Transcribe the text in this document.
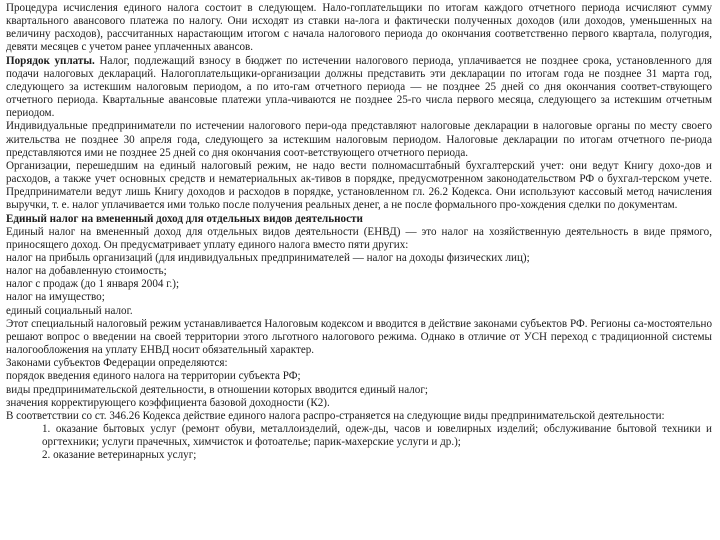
Процедура исчисления единого налога состоит в следующем. Нало-гоплательщики по итогам каждого отчетного периода исчисляют сумму квартального авансового платежа по налогу. Они исходят из ставки на-лога и фактически полученных доходов (или доходов, уменьшенных на величину расходов), рассчитанных нарастающим итогом с начала налогового периода до окончания соответственно первого квартала, полугодия, девяти месяцев с учетом ранее уплаченных авансов.

Порядок уплаты. Налог, подлежащий взносу в бюджет по истечении налогового периода, уплачивается не позднее срока, установленного для подачи налоговых деклараций. Налогоплательщики-организации должны представить эти декларации по итогам года не позднее 31 марта год, следующего за истекшим налоговым периодом, а по ито-гам отчетного периода — не позднее 25 дней со дня окончания соответ-ствующего отчетного периода. Квартальные авансовые платежи упла-чиваются не позднее 25-го числа первого месяца, следующего за истекшим отчетным периодом.

Индивидуальные предприниматели по истечении налогового пери-ода представляют налоговые декларации в налоговые органы по месту своего жительства не позднее 30 апреля года, следующего за истекшим налоговым периодом. Налоговые декларации по итогам отчетного пе-риода представляются ими не позднее 25 дней со дня окончания соот-ветствующего отчетного периода.

Организации, перешедшим на единый налоговый режим, не надо вести полномасштабный бухгалтерский учет: они ведут Книгу дохо-дов и расходов, а также учет основных средств и нематериальных ак-тивов в порядке, предусмотренном законодательством РФ о бухгал-терском учете. Предприниматели ведут лишь Книгу доходов и расходов в порядке, установленном гл. 26.2 Кодекса. Они используют кассовый метод начисления выручки, т. е. налог уплачивается ими только после получения реальных денег, а не после формального про-хождения сделки по документам.

Единый налог на вмененный доход для отдельных видов деятельности

Единый налог на вмененный доход для отдельных видов деятельности (ЕНВД) — это налог на хозяйственную деятельность в виде прямого, приносящего доход. Он предусматривает уплату единого налога вместо пяти других:

налог на прибыль организаций (для индивидуальных предпринимателей — налог на доходы физических лиц);

налог на добавленную стоимость;

налог с продаж (до 1 января 2004 г.);

налог на имущество;

единый социальный налог.

Этот специальный налоговый режим устанавливается Налоговым кодексом и вводится в действие законами субъектов РФ. Регионы са-мостоятельно решают вопрос о введении на своей территории этого льготного налогового режима. Однако в отличие от УСН переход с традиционной системы налогообложения на уплату ЕНВД носит обязательный характер.

Законами субъектов Федерации определяются:

порядок введения единого налога на территории субъекта РФ;

виды предпринимательской деятельности, в отношении которых вводится единый налог;

значения корректирующего коэффициента базовой доходности (К2).

В соответствии со ст. 346.26 Кодекса действие единого налога распро-страняется на следующие виды предпринимательской деятельности:

1. оказание бытовых услуг (ремонт обуви, металлоизделий, одеж-ды, часов и ювелирных изделий; обслуживание бытовой техники и оргтехники; услуги прачечных, химчисток и фотоателье; парик-махерские услуги и др.);

2. оказание ветеринарных услуг;
